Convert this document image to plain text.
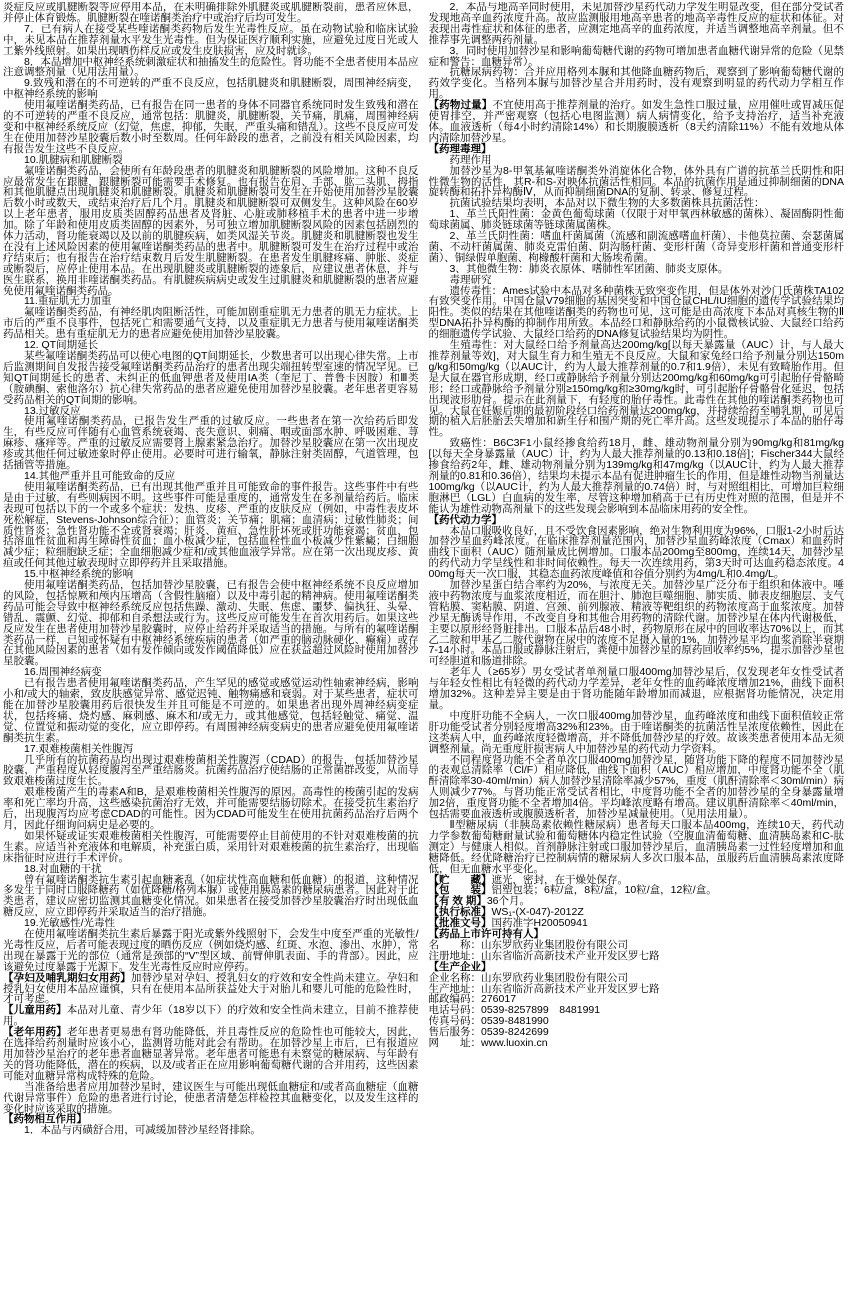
炎症反应或肌腱断裂等应停用本品，在未明确排除外肌腱炎或肌腱断裂前，患者应休息，并停止体育锻炼。肌腱断裂在喹诺酮类治疗中或治疗后均可发生。

7．已有病人在接受某些喹诺酮类药物后发生光毒性反应。虽在动物试验和临床试验中，未见本品在推荐剂量水平发生光毒性。但为保证医疗顺利实施，应避免过度日光或人工紫外线照射。如果出现晒伤样反应或发生皮肤损害，应及时就诊。

8．本品增加中枢神经系统刺激症状和抽搐发生的危险性。肾功能不全患者使用本品应注意调整剂量（见用法用量）。

9.致残和潜在的不可逆转的严重不良反应，包括肌腱炎和肌腱断裂，周围神经病变，中枢神经系统的影响

使用氟喹诺酮类药品，已有报告在同一患者的身体不同器官系统同时发生致残和潜在的不可逆转的严重不良反应，通常包括：肌腱炎，肌腱断裂，关节痛，肌痛，周围神经病变和中枢神经系统反应（幻觉，焦虑，抑郁，失眠，严重头痛和错乱）。这些不良反应可发生在使用加替沙星胶囊后数小时至数周。任何年龄段的患者，之前没有相关风险因素，均有报告发生这些不良反应。

10.肌腱病和肌腱断裂

氟喹诺酮类药品，会使所有年龄段患者的肌腱炎和肌腱断裂的风险增加。这种不良反应最常发生在跟腱，跟腱断裂可能需要手术修复。也有报告在肩、手部、肱二头肌、拇指和其他肌腱点出现肌腱炎和肌腱断裂。肌腱炎和肌腱断裂可发生在开始使用加替沙星胶囊后数小时或数天，或结束治疗后几个月。肌腱炎和肌腱断裂可双侧发生。这种风险在60岁以上老年患者，服用皮质类固醇药品患者及肾脏、心脏或肺移植手术的患者中进一步增加。除了年龄和使用皮质类固醇的因素外，另可独立增加肌腱断裂风险的因素包括剧烈的体力活动，肾功能衰竭以及以前的肌腱疾病，如类风湿关节炎。肌腱炎和肌腱断裂也发生在没有上述风险因素的使用氟喹诺酮类药品的患者中。肌腱断裂可发生在治疗过程中或治疗结束后；也有报告在治疗结束数月后发生肌腱断裂。在患者发生肌腱疼痛、肿胀、炎症或断裂后，应停止使用本品。在出现肌腱炎或肌腱断裂的迹象后，应建议患者休息，并与医生联系，换用非喹诺酮类药品。有肌腱疾病病史或发生过肌腱炎和肌腱断裂的患者应避免使用氟喹诺酮类药品。

11.重症肌无力加重

氟喹诺酮类药品，有神经肌肉阻断活性，可能加剧重症肌无力患者的肌无力症状。上市后的严重不良事件，包括死亡和需要通气支持，以及重症肌无力患者与使用氟喹诺酮类药品相关。患有重症肌无力的患者应避免使用加替沙星胶囊。

12. QT间期延长

某些氟喹诺酮类药品可以使心电图的QT间期延长，少数患者可以出现心律失常。上市后监测期间自发报告接受氟喹诺酮类药品治疗的患者出现尖端扭转型室速的情况罕见。已知QT间期延长的患者、未纠正的低血钾患者及使用IA类（奎尼丁、普鲁卡因胺）和Ⅲ类（胺碘酮、索他洛尔）抗心律失常药品的患者应避免使用加替沙星胶囊。老年患者更容易受药品相关的QT间期的影响。

13.过敏反应

使用氟喹诺酮类药品，已报告发生严重的过敏反应。一些患者在第一次给药后即发生，有些反应可伴随有心血管系统衰竭、丧失意识、刺痛、咽或面部水肿、呼吸困难、荨麻疹、瘙痒等。严重的过敏反应需要肾上腺素紧急治疗。加替沙星胶囊应在第一次出现皮疹或其他任何过敏迹象时停止使用。必要时可进行输氧，静脉注射类固醇，气道管理，包括插管等措施。

14.其他严重并且可能致命的反应

使用氟喹诺酮类药品，已有出现其他严重并且可能致命的事件报告。这些事件中有些是由于过敏，有些则病因不明。这些事件可能是重度的，通常发生在多剂量给药后。临床表现可包括以下的一个或多个症状：发热、皮疹、严重的皮肤反应（例如，中毒性表皮坏死松解症，Stevens-Johnson综合征）；血管炎；关节痛；肌痛；血清病；过敏性肺炎；间质性肾炎；急性肾功能不全或肾衰竭；肝炎、黄疸、急性肝坏死或肝功能衰竭；贫血，包括溶血性贫血和再生障碍性贫血；血小板减少症，包括血栓性血小板减少性紫癜；白细胞减少症；粒细胞缺乏症；全血细胞减少症和/或其他血液学异常。应在第一次出现皮疹、黄疸或任何其他过敏表现时立即停药并且采取措施。

15.中枢神经系统的影响

使用氟喹诺酮类药品，包括加替沙星胶囊，已有报告会使中枢神经系统不良反应增加的风险，包括惊厥和颅内压增高（含假性脑瘤）以及中毒引起的精神病。使用氟喹诺酮类药品可能会导致中枢神经系统反应包括焦躁、激动、失眠、焦虑、噩梦、偏执狂、头晕、错乱、震颤、幻觉、抑郁和自杀想法或行为。这些反应可能发生在首次用药后。如果这些反应发生在患者使用加替沙星胶囊时，应停止给药并采取适当的措施。与所有的氟喹诺酮类药品一样，已知或怀疑有中枢神经系统疾病的患者（如严重的脑动脉硬化、癫痫）或存在其他风险因素的患者（如有发作倾向或发作阈值降低）应在获益超过风险时使用加替沙星胶囊。

16.周围神经病变

已有报告患者使用氟喹诺酮类药品，产生罕见的感觉或感觉运动性轴索神经病，影响小和/或大的轴索，致皮肤感觉异常、感觉迟钝、触物痛感和衰弱。对于某些患者，症状可能在加替沙星胶囊用药后很快发生并且可能是不可逆的。如果患者出现外周神经病变症状，包括疼痛、烧灼感、麻刺感、麻木和/或无力，或其他感觉，包括轻触觉、痛觉、温觉、位置觉和振动觉的变化，应立即停药。有周围神经病变病史的患者应避免使用氟喹诺酮类抗生素。

17.艰难梭菌相关性腹泻

几乎所有的抗菌药品均出现过艰难梭菌相关性腹泻（CDAD）的报告，包括加替沙星胶囊，严重程度从轻度腹泻至严重结肠炎。抗菌药品治疗使结肠的正常菌群改变，从而导致艰难梭菌过度生长。

艰难梭菌产生的毒素A和B，是艰难梭菌相关性腹泻的原因。高毒性的梭菌引起的发病率和死亡率均升高，这些感染抗菌治疗无效，并可能需要结肠切除术。在接受抗生素治疗后，出现腹泻均应考虑CDAD的可能性。因为CDAD可能发生在使用抗菌药品治疗后两个月，因此仔细询问病史是必要的。

如果怀疑或证实艰难梭菌相关性腹泻，可能需要停止目前使用的不针对艰难梭菌的抗生素。应适当补充液体和电解质，补充蛋白质，采用针对艰难梭菌的抗生素治疗，出现临床指征时应进行手术评价。

18.对血糖的干扰

曾有氟喹诺酮类抗生素引起血糖紊乱（如症状性高血糖和低血糖）的报道，这种情况多发生于同时口服降糖药（如优降糖/格列本脲）或使用胰岛素的糖尿病患者。因此对于此类患者，建议应密切监测其血糖变化情况。如果患者在接受加替沙星胶囊治疗时出现低血糖反应，应立即停药并采取适当的治疗措施。

19.光敏感性/光毒性

在使用氟喹诺酮类抗生素后暴露于阳光或紫外线照射下，会发生中度至严重的光敏性/光毒性反应，后者可能表现过度的晒伤反应（例如烧灼感、红斑、水泡、渗出、水肿），常出现在暴露于光的部位（通常是颈部的“V”型区域、前臂伸肌表面、手的背部）。因此，应该避免过度暴露于光源下。发生光毒性反应时应停药。

【孕妇及哺乳期妇女用药】加替沙星对孕妇、授乳妇女的疗效和安全性尚未建立。孕妇和授乳妇女使用本品应谨慎，只有在使用本品所获益处大于对胎儿和婴儿可能的危险性时，才可考虑。

【儿童用药】本品对儿童、青少年（18岁以下）的疗效和安全性尚未建立，目前不推荐使用。

【老年用药】老年患者更易患有肾功能降低，并且毒性反应的危险性也可能较大，因此，在选择给药剂量时应该小心，监测肾功能对此会有帮助。在加替沙星上市后，已有报道应用加替沙星治疗的老年患者血糖显著异常。老年患者可能患有未察觉的糖尿病、与年龄有关的肾功能降低，潜在的疾病，以及/或者正在应用影响葡萄糖代谢的合并用药，这些因素可能对血糖异常构成特殊的危险。

当准备给患者应用加替沙星时，建议医生与可能出现低血糖症和/或者高血糖症（血糖代谢异常事件）危险的患者进行讨论，使患者清楚怎样检控其血糖变化，以及发生这样的变化时应该采取的措施。

【药物相互作用】

1．本品与丙磺舒合用，可减缓加替沙星经肾排除。

2．本品与地高辛同时使用，未见加替沙星药代动力学发生明显改变，但在部分受试者发现地高辛血药浓度升高。故应监测服用地高辛患者的地高辛毒性反应的症状和体征。对表现出毒性症状和体征的患者，应测定地高辛的血药浓度，并适当调整地高辛剂量。但不推荐事先调整两药剂量。

3．同时使用加替沙星和影响葡萄糖代谢的药物可增加患者血糖代谢异常的危险（见禁症和警告：血糖异常）。

抗糖尿病药物：合并应用格列本脲和其他降血糖药物后，观察到了影响葡萄糖代谢的药效学变化。当格列本脲与加替沙星合并用药时，没有观察到明显的药代动力学相互作用。

【药物过量】不宜使用高于推荐剂量的治疗。如发生急性口服过量，应用催吐或胃减压促使胃排空，并严密观察（包括心电图监测）病人病情变化，给予支持治疗，适当补充液体。血液透析（每4小时约清除14%）和长期腹膜透析（8天约清除11%）不能有效地从体内清除加替沙星。

【药理毒理】

药理作用

加替沙星为8-甲氧基氟喹诺酮类外消旋体化合物，体外具有广谱的抗革兰氏阴性和阳性微生物的活性，其R-和S-对映体抗菌活性相同。本品的抗菌作用是通过抑制细菌的DNA旋转酶和拓扑异构酶Ⅳ，从而抑制细菌DNA的复制、转录、修复过程。

抗菌试验结果均表明，本品对以下微生物的大多数菌株具抗菌活性：

1、革兰氏阳性菌：金黄色葡萄球菌（仅限于对甲氧西林敏感的菌株）、凝固酶阴性葡萄球菌属、肺炎链球菌等链球菌属菌株。

2、革兰氏阴性菌：嗜血杆菌属菌（流感和副流感嗜血杆菌）、卡他莫拉菌、奈瑟菌属菌、不动杆菌属菌、肺炎克雷伯菌、阴沟肠杆菌、变形杆菌（奇异变形杆菌和普通变形杆菌）、铜绿假单胞菌、枸橼酸杆菌和大肠埃希菌。

3、其他微生物：肺炎衣原体、嗜肺性军团菌、肺炎支原体。

毒理研究

遗传毒性：Ames试验中本品对多种菌株无致突变作用，但是体外对沙门氏菌株TA102有致突变作用。中国仓鼠V79细胞的基因突变和中国仓鼠CHL/IU细胞的遗传学试验结果均阳性。类似的结果在其他喹诺酮类的药物也可见，这可能是由高浓度下本品对真核生物的Ⅱ型DNA拓扑异构酶的抑制作用所致。本品经口和静脉给药的小鼠微核试验、大鼠经口给药的细胞遗传学试验、大鼠经口给药的DNA修复试验结果均为阴性。

生殖毒性：对大鼠经口给予剂量高达200mg/kg[以每天暴露量（AUC）计，与人最大推荐剂量等效]，对大鼠生育力和生殖无不良反应。大鼠和家兔经口给予剂量分别达150mg/kg和50mg/kg（以AUC计，约为人最大推荐剂量的0.7和1.9倍），未见有致畸胎作用。但是大鼠在器官形成期，经口或静脉给予剂量分别达200mg/kg和60mg/kg可引起胎仔骨骼畸形；经口或静脉给予剂量分别≥150mg/kg和≥30mg/kg时，可引起胎仔骨骼骨化延迟，包括出现波形肋骨。提示在此剂量下，有轻度的胎仔毒性。此毒性在其他的喹诺酮类药物也可见。大鼠在妊娠后期的最初阶段经口给药剂量达200mg/kg，并持续给药至哺乳期，可见后期的植入后胚胎丢失增加和新生仔和围产期的死亡率升高。这些发现提示了本品的胎仔毒性。

致癌性：B6C3F1小鼠经掺食给药18月，雌、雄动物剂量分别为90mg/kg和81mg/kg[以每天全身暴露量（AUC）计，约为人最大推荐剂量的0.13和0.18倍]；Fischer344大鼠经掺食给药2年，雌、雄动物剂量分别为139mg/kg和47mg/kg（以AUC计，约为人最大推荐剂量的0.81和0.36倍），结果均未提示本品有促进肿瘤生长的作用，但是雄性动物当剂量达100mg/kg（以AUC计，约为人最大推荐剂量的0.74倍）时，与对照组相比，可增加巨粒细胞淋巴（LGL）白血病的发生率，尽管这种增加稍高于已有历史性对照的范围，但是并不能认为雄性动物高剂量下的这些发现会影响到本品临床用药的安全性。

【药代动力学】

本品口服吸收良好，且不受饮食因素影响，绝对生物利用度为96%，口服1-2小时后达加替沙星血药峰浓度。在临床推荐剂量范围内，加替沙星血药峰浓度（Cmax）和血药时曲线下面积（AUC）随剂量成比例增加。口服本品200mg至800mg，连续14天，加替沙星的药代动力学呈线性和非时间依赖性。每天一次连续用药，第3天时可达血药稳态浓度。400mg每天一次口服，其稳态血药浓度峰值和谷值分别约为4mg/L和0.4mg/L。

加替沙星蛋白结合率约为20%，与浓度无关。加替沙星广泛分布于组织和体液中。唾液中药物浓度与血浆浓度相近，而在胆汁、肺泡巨噬细胞、肺实质、肺表皮细胞层、支气管粘膜、窦粘膜、阴道、宫颈、前列腺液、精液等靶组织的药物浓度高于血浆浓度。加替沙星无酶诱导作用，不改变自身和其他合用药物的清除代谢。加替沙星在体内代谢极低，主要以原形经肾脏排出。口服本品后48小时，药物原形在尿中的回收率达70%以上，而其乙二胺和甲基乙二胺代谢物在尿中的浓度不足摄入量的1%，加替沙星平均血浆消除半衰期7-14小时。本品口服或静脉注射后，粪便中加替沙星的原药回收率约5%，提示加替沙星也可经胆道和肠道排除。

老年人（≥65岁）男女受试者单剂量口服400mg加替沙星后，仅发现老年女性受试者与年轻女性相比有轻微的药代动力学差异，老年女性的血药峰浓度增加21%，曲线下面积增加32%。这种差异主要是由于肾功能随年龄增加而减退，应根据肾功能情况，决定用量。

中度肝功能不全病人，一次口服400mg加替沙星，血药峰浓度和曲线下面积值较正常肝功能受试者分别轻度增高32%和23%。由于喹诺酮类的抗菌活性呈浓度依赖性，因此在这类病人中，血药峰浓度轻微增高，并不降低加替沙星的疗效。故该类患者使用本品无须调整剂量。尚无重度肝损害病人中加替沙星的药代动力学资料。

不同程度肾功能不全者单次口服400mg加替沙星，随肾功能下降的程度不同加替沙星的表观总清除率（Cl/F）相应降低，曲线下面积（AUC）相应增加，中度肾功能不全（肌酐清除率30-40ml/min）病人加替沙星清除率减少57%，重度（肌酐清除率＜30ml/min）病人则减少77%。与肾功能正常受试者相比，中度肾功能不全者的加替沙星的全身暴露量增加2倍，重度肾功能不全者增加4倍。平均峰浓度略有增高。建议肌酐清除率＜40ml/min，包括需要血液透析或腹膜透析者，加替沙星减量使用。（见用法用量）。

Ⅱ型糖尿病（非胰岛素依赖性糖尿病）患者每天口服本品400mg，连续10天，药代动力学参数葡萄糖耐量试验和葡萄糖体内稳定性试验（空腹血清葡萄糖、血清胰岛素和C-肽测定）与健康人相似。首剂静脉注射或口服加替沙星后，血清胰岛素一过性轻度增加和血糖降低。经优降糖治疗已控制病情的糖尿病人多次口服本品，虽服药后血清胰岛素浓度降低，但无血糖水平变化。

【贮　　藏】遮光，密封，在干燥处保存。

【包　　装】铝塑包装；6粒/盒，8粒/盒，10粒/盒，12粒/盒。

【有 效 期】36个月。

【执行标准】WS₁-(X-047)-2012Z

【批准文号】国药准字H20050941

【药品上市许可持有人】

名　　称：山东罗欣药业集团股份有限公司

注册地址：山东省临沂高新技术产业开发区罗七路

【生产企业】

企业名称：山东罗欣药业集团股份有限公司

生产地址：山东省临沂高新技术产业开发区罗七路

邮政编码：276017

电话号码：0539-8257899　8481991

传真号码：0539-8481990

售后服务：0539-8242699

网　　址：www.luoxin.cn
